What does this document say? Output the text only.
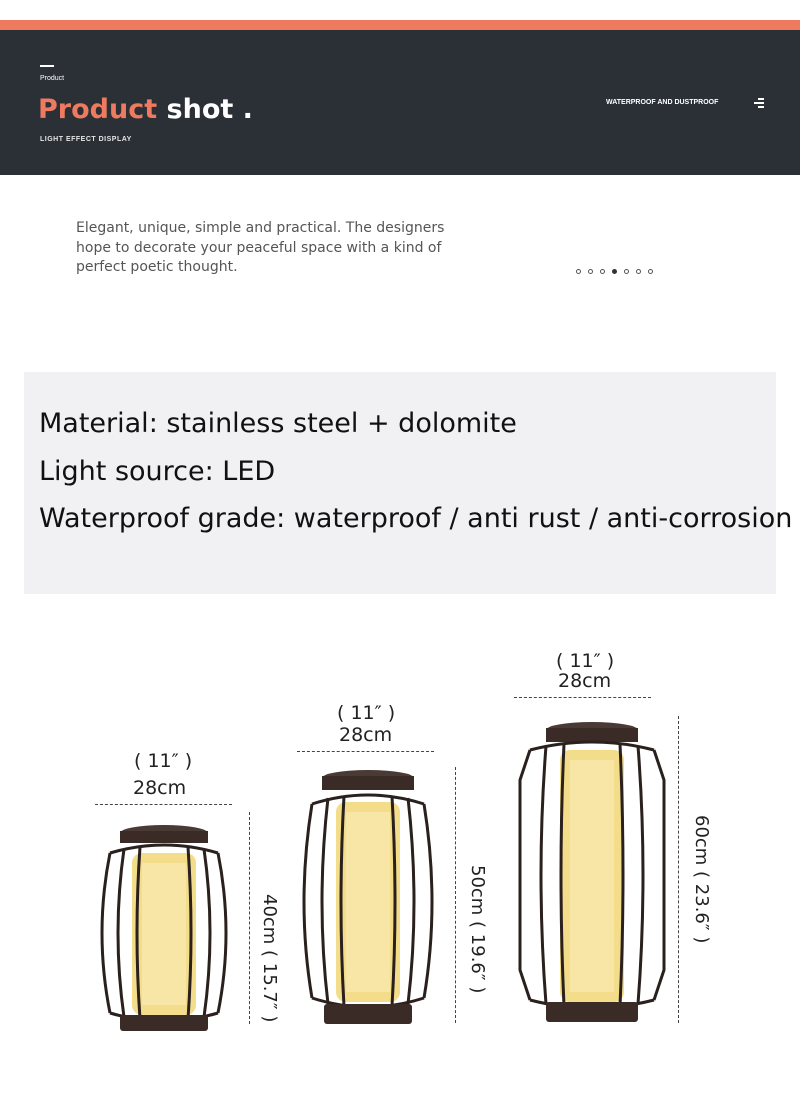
Product
Product shot .
LIGHT EFFECT DISPLAY
WATERPROOF AND DUSTPROOF
Elegant, unique, simple and practical. The designers hope to decorate your peaceful space with a kind of perfect poetic thought.
Material: stainless steel + dolomite
Light source: LED
Waterproof grade: waterproof / anti rust / anti-corrosion
( 11″ )
28cm
40cm ( 15.7″ )
( 11″ )
28cm
50cm ( 19.6″ )
( 11″ )
28cm
60cm ( 23.6″ )
